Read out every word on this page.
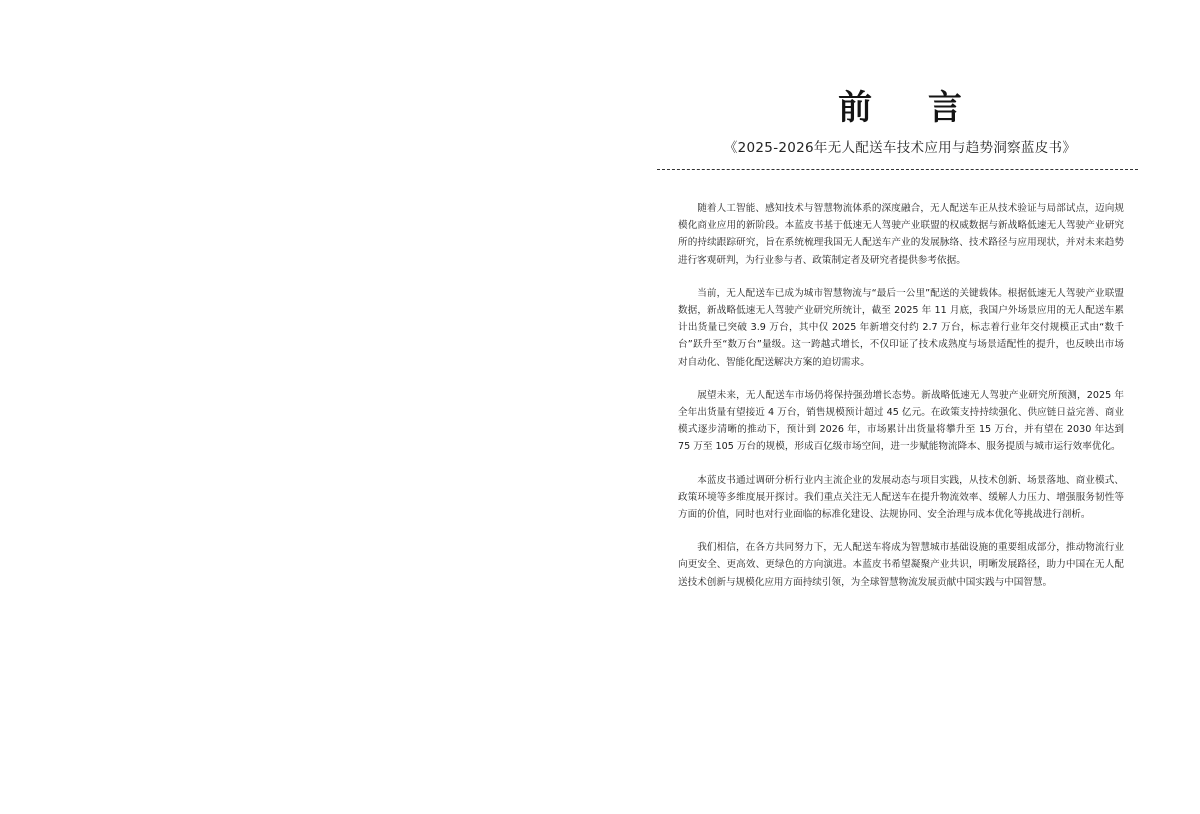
前 言
《2025-2026年无人配送车技术应用与趋势洞察蓝皮书》

随着人工智能、感知技术与智慧物流体系的深度融合，无人配送车正从技术验证与局部试点，迈向规模化商业应用的新阶段。本蓝皮书基于低速无人驾驶产业联盟的权威数据与新战略低速无人驾驶产业研究所的持续跟踪研究，旨在系统梳理我国无人配送车产业的发展脉络、技术路径与应用现状，并对未来趋势进行客观研判，为行业参与者、政策制定者及研究者提供参考依据。

当前，无人配送车已成为城市智慧物流与“最后一公里”配送的关键载体。根据低速无人驾驶产业联盟数据，新战略低速无人驾驶产业研究所统计，截至 2025 年 11 月底，我国户外场景应用的无人配送车累计出货量已突破 3.9 万台，其中仅 2025 年新增交付约 2.7 万台，标志着行业年交付规模正式由“数千台”跃升至“数万台”量级。这一跨越式增长，不仅印证了技术成熟度与场景适配性的提升，也反映出市场对自动化、智能化配送解决方案的迫切需求。

展望未来，无人配送车市场仍将保持强劲增长态势。新战略低速无人驾驶产业研究所预测，2025 年全年出货量有望接近 4 万台，销售规模预计超过 45 亿元。在政策支持持续强化、供应链日益完善、商业模式逐步清晰的推动下，预计到 2026 年，市场累计出货量将攀升至 15 万台，并有望在 2030 年达到 75 万至 105 万台的规模，形成百亿级市场空间，进一步赋能物流降本、服务提质与城市运行效率优化。

本蓝皮书通过调研分析行业内主流企业的发展动态与项目实践，从技术创新、场景落地、商业模式、政策环境等多维度展开探讨。我们重点关注无人配送车在提升物流效率、缓解人力压力、增强服务韧性等方面的价值，同时也对行业面临的标准化建设、法规协同、安全治理与成本优化等挑战进行剖析。

我们相信，在各方共同努力下，无人配送车将成为智慧城市基础设施的重要组成部分，推动物流行业向更安全、更高效、更绿色的方向演进。本蓝皮书希望凝聚产业共识，明晰发展路径，助力中国在无人配送技术创新与规模化应用方面持续引领，为全球智慧物流发展贡献中国实践与中国智慧。
